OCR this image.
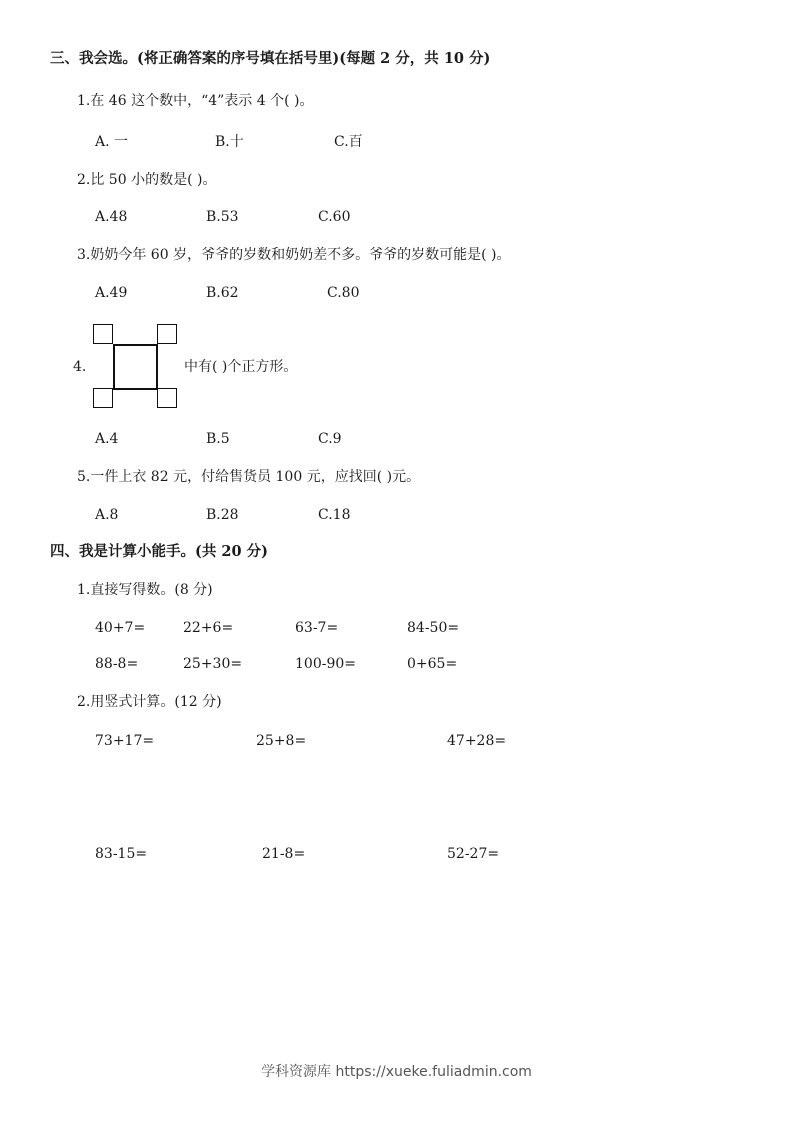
三、我会选。(将正确答案的序号填在括号里)(每题 2 分，共 10 分)
1.在 46 这个数中，“4”表示 4 个( )。
A. 一	B.十	C.百
2.比 50 小的数是( )。
A.48	B.53	C.60
3.奶奶今年 60 岁，爷爷的岁数和奶奶差不多。爷爷的岁数可能是( )。
A.49	B.62	C.80
4.	中有( )个正方形。
A.4	B.5	C.9
5.一件上衣 82 元，付给售货员 100 元，应找回( )元。
A.8	B.28	C.18
四、我是计算小能手。(共 20 分)
1.直接写得数。(8 分)
40+7=	22+6=	63-7=	84-50=
88-8=	25+30=	100-90=	0+65=
2.用竖式计算。(12 分)
73+17=	25+8=	47+28=
83-15=	21-8=	52-27=
学科资源库 https://xueke.fuliadmin.com
